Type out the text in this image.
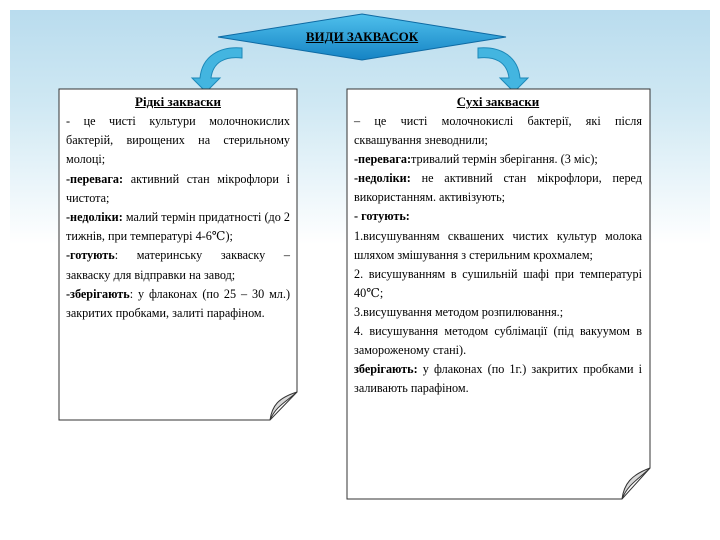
ВИДИ ЗАКВАСОК
Рідкі закваски

- це чисті культури молочнокислих бактерій, вирощених на стерильному молоці;

-перевага: активний стан мікрофлори і чистота;

-недоліки: малий термін придатності (до 2 тижнів, при температурі 4-6℃);

-готують: материнську закваску – закваску для відправки на завод;

-зберігають: у флаконах (по 25 – 30 мл.) закритих пробками, залиті парафіном.

Сухі закваски

– це чисті молочнокислі бактерії, які після сквашування зневоднили;

-перевага:тривалий термін зберігання. (3 міс);

-недоліки: не активний стан мікрофлори, перед використанням. активізують;

- готують:

1.висушуванням сквашених чистих культур молока шляхом змішування з стерильним крохмалем;

2. висушуванням в сушильній шафі при температурі 40℃;

3.висушування методом розпилювання.;

4. висушування методом сублімації (під вакуумом в замороженому стані).

зберігають: у флаконах (по 1г.) закритих пробками і заливають парафіном.
